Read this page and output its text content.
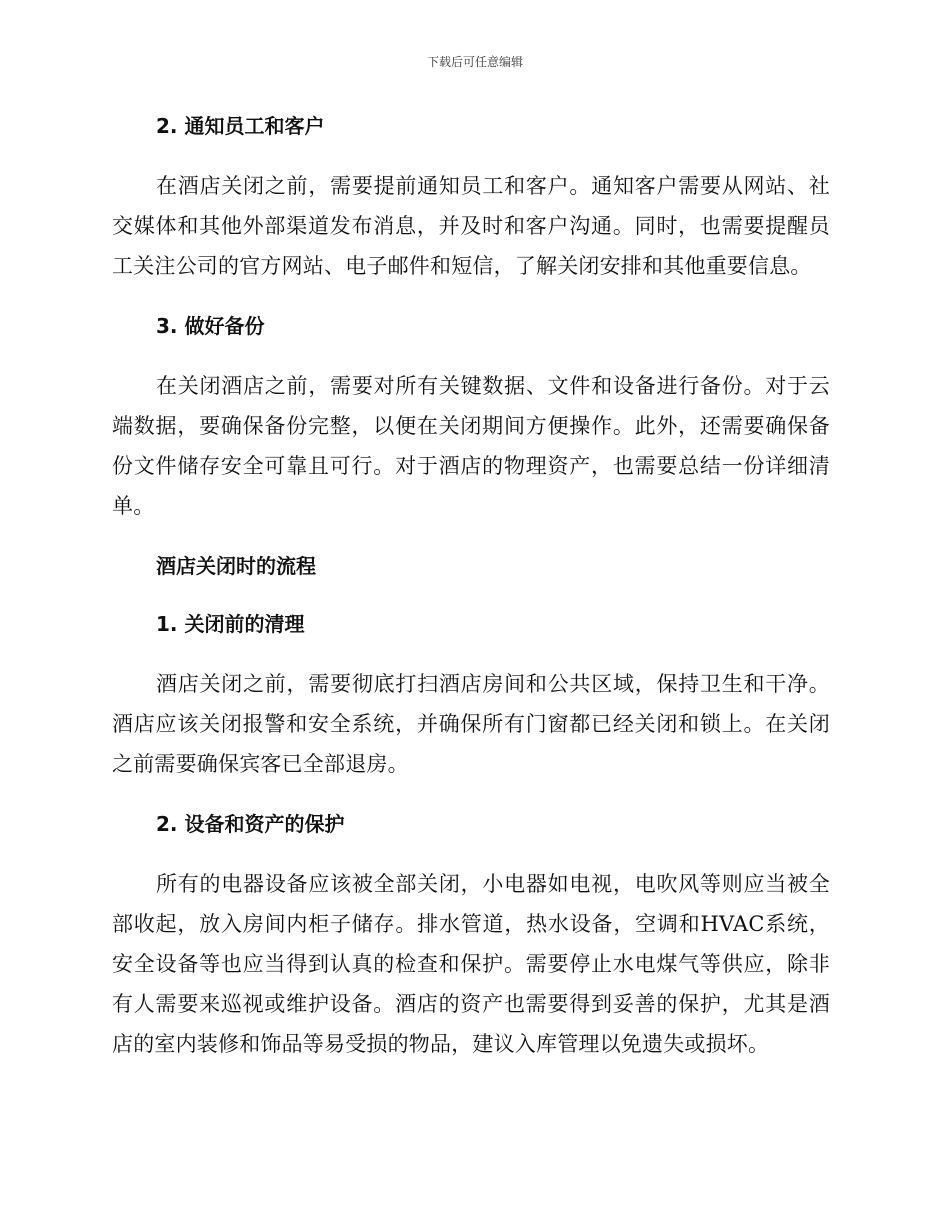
下载后可任意编辑
2. 通知员工和客户

在酒店关闭之前，需要提前通知员工和客户。通知客户需要从网站、社交媒体和其他外部渠道发布消息，并及时和客户沟通。同时，也需要提醒员工关注公司的官方网站、电子邮件和短信，了解关闭安排和其他重要信息。

3. 做好备份

在关闭酒店之前，需要对所有关键数据、文件和设备进行备份。对于云端数据，要确保备份完整，以便在关闭期间方便操作。此外，还需要确保备份文件储存安全可靠且可行。对于酒店的物理资产，也需要总结一份详细清单。

酒店关闭时的流程
1. 关闭前的清理

酒店关闭之前，需要彻底打扫酒店房间和公共区域，保持卫生和干净。酒店应该关闭报警和安全系统，并确保所有门窗都已经关闭和锁上。在关闭之前需要确保宾客已全部退房。

2. 设备和资产的保护

所有的电器设备应该被全部关闭，小电器如电视，电吹风等则应当被全部收起，放入房间内柜子储存。排水管道，热水设备，空调和HVAC系统，安全设备等也应当得到认真的检查和保护。需要停止水电煤气等供应，除非有人需要来巡视或维护设备。酒店的资产也需要得到妥善的保护，尤其是酒店的室内装修和饰品等易受损的物品，建议入库管理以免遗失或损坏。
